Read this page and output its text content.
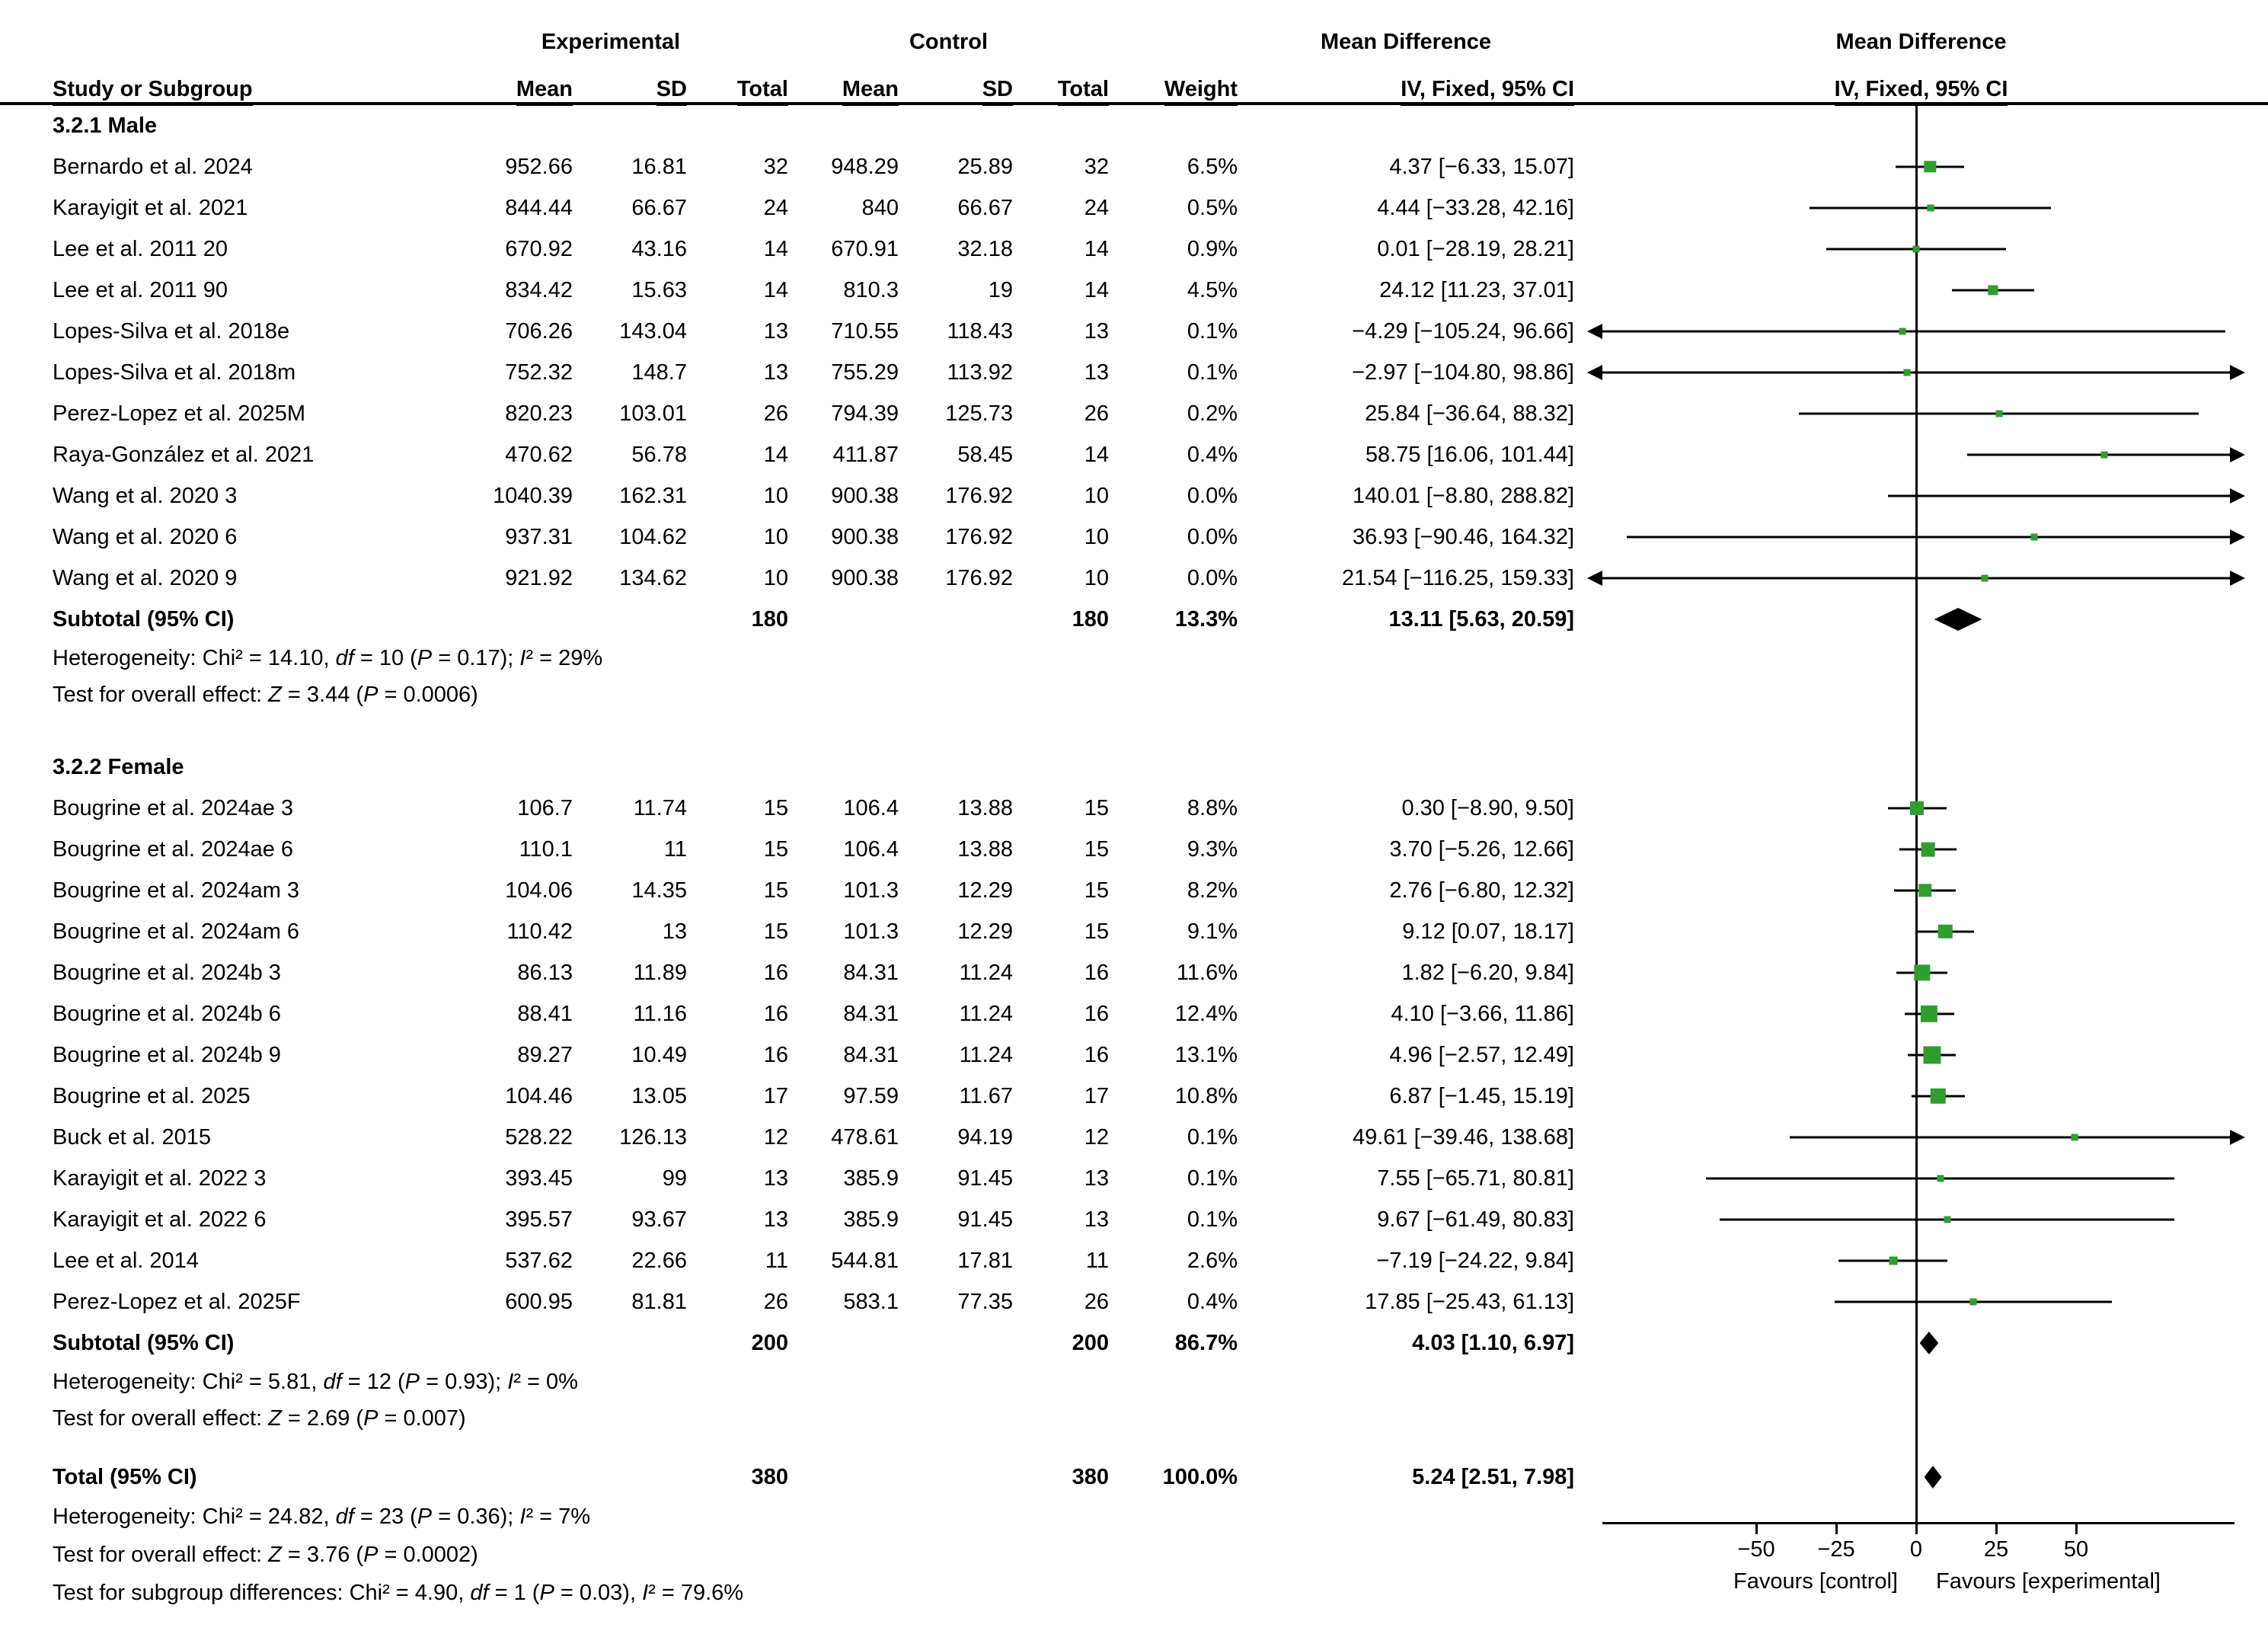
−50	−25	0	25	50
Favours [control] Favours [experimental]
Experimental	Control	Mean Difference	Mean Difference
Study or Subgroup	Mean	SD	Total	Mean	SD	Total	Weight	IV, Fixed, 95% CI	IV, Fixed, 95% CI
3.2.1 Male
Bernardo et al. 2024	952.66	16.81	32	948.29	25.89	32	6.5%	4.37 [−6.33, 15.07]
Karayigit et al. 2021	844.44	66.67	24	840	66.67	24	0.5%	4.44 [−33.28, 42.16]
Lee et al. 2011 20	670.92	43.16	14	670.91	32.18	14	0.9%	0.01 [−28.19, 28.21]
Lee et al. 2011 90	834.42	15.63	14	810.3	19	14	4.5%	24.12 [11.23, 37.01]
Lopes-Silva et al. 2018e	706.26	143.04	13	710.55	118.43	13	0.1%	−4.29 [−105.24, 96.66]
Lopes-Silva et al. 2018m	752.32	148.7	13	755.29	113.92	13	0.1%	−2.97 [−104.80, 98.86]
Perez-Lopez et al. 2025M	820.23	103.01	26	794.39	125.73	26	0.2%	25.84 [−36.64, 88.32]
Raya-González et al. 2021	470.62	56.78	14	411.87	58.45	14	0.4%	58.75 [16.06, 101.44]
Wang et al. 2020 3	1040.39	162.31	10	900.38	176.92	10	0.0%	140.01 [−8.80, 288.82]
Wang et al. 2020 6	937.31	104.62	10	900.38	176.92	10	0.0%	36.93 [−90.46, 164.32]
Wang et al. 2020 9	921.92	134.62	10	900.38	176.92	10	0.0%	21.54 [−116.25, 159.33]
Subtotal (95% CI)	180	180	13.3%	13.11 [5.63, 20.59]
Heterogeneity: Chi² = 14.10, df = 10 (P = 0.17); I² = 29%
Test for overall effect: Z = 3.44 (P = 0.0006)
3.2.2 Female
Bougrine et al. 2024ae 3	106.7	11.74	15	106.4	13.88	15	8.8%	0.30 [−8.90, 9.50]
Bougrine et al. 2024ae 6	110.1	11	15	106.4	13.88	15	9.3%	3.70 [−5.26, 12.66]
Bougrine et al. 2024am 3	104.06	14.35	15	101.3	12.29	15	8.2%	2.76 [−6.80, 12.32]
Bougrine et al. 2024am 6	110.42	13	15	101.3	12.29	15	9.1%	9.12 [0.07, 18.17]
Bougrine et al. 2024b 3	86.13	11.89	16	84.31	11.24	16	11.6%	1.82 [−6.20, 9.84]
Bougrine et al. 2024b 6	88.41	11.16	16	84.31	11.24	16	12.4%	4.10 [−3.66, 11.86]
Bougrine et al. 2024b 9	89.27	10.49	16	84.31	11.24	16	13.1%	4.96 [−2.57, 12.49]
Bougrine et al. 2025	104.46	13.05	17	97.59	11.67	17	10.8%	6.87 [−1.45, 15.19]
Buck et al. 2015	528.22	126.13	12	478.61	94.19	12	0.1%	49.61 [−39.46, 138.68]
Karayigit et al. 2022 3	393.45	99	13	385.9	91.45	13	0.1%	7.55 [−65.71, 80.81]
Karayigit et al. 2022 6	395.57	93.67	13	385.9	91.45	13	0.1%	9.67 [−61.49, 80.83]
Lee et al. 2014	537.62	22.66	11	544.81	17.81	11	2.6%	−7.19 [−24.22, 9.84]
Perez-Lopez et al. 2025F	600.95	81.81	26	583.1	77.35	26	0.4%	17.85 [−25.43, 61.13]
Subtotal (95% CI)	200	200	86.7%	4.03 [1.10, 6.97]
Heterogeneity: Chi² = 5.81, df = 12 (P = 0.93); I² = 0%
Test for overall effect: Z = 2.69 (P = 0.007)
Total (95% CI)	380	380	100.0%	5.24 [2.51, 7.98]
Heterogeneity: Chi² = 24.82, df = 23 (P = 0.36); I² = 7%
Test for overall effect: Z = 3.76 (P = 0.0002)
Test for subgroup differences: Chi² = 4.90, df = 1 (P = 0.03), I² = 79.6%
